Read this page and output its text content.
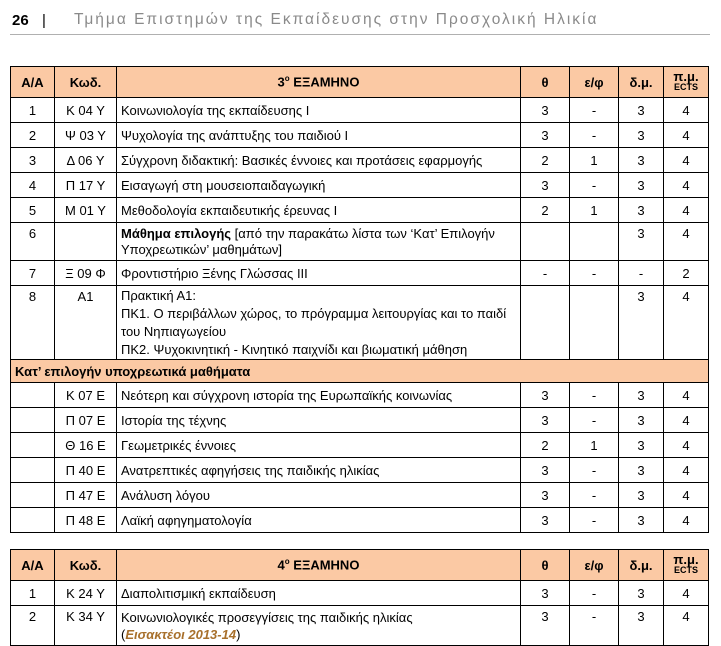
26 | Τμήμα Επιστημών της Εκπαίδευσης στην Προσχολική Ηλικία
Α/Α	Κωδ.	$3^o$ ΕΞΑΜΗΝΟ	θ	ε/φ	δ.μ.	π.μ.
ECTS

1	Κ 04 Υ	Κοινωνιολογία της εκπαίδευσης Ι	3	-	3	4
2	Ψ 03 Υ	Ψυχολογία της ανάπτυξης του παιδιού Ι	3	-	3	4
3	Δ 06 Υ	Σύγχρονη διδακτική: Βασικές έννοιες και προτάσεις εφαρμογής	2	1	3	4
4	Π 17 Υ	Εισαγωγή στη μουσειοπαιδαγωγική	3	-	3	4
5	Μ 01 Υ	Μεθοδολογία εκπαιδευτικής έρευνας Ι	2	1	3	4
6		Μάθημα επιλογής [από την παρακάτω λίστα των ‘Κατ’ Επιλογήν Υποχρεωτικών’ μαθημάτων]			3	4
7	Ξ 09 Φ	Φροντιστήριο Ξένης Γλώσσας ΙΙΙ	-	-	-	2
8	Α1	Πρακτική Α1:
ΠΚ1. Ο περιβάλλων χώρος, το πρόγραμμα λειτουργίας και το παιδί του Νηπιαγωγείου
ΠΚ2. Ψυχοκινητική - Κινητικό παιχνίδι και βιωματική μάθηση			3	4
Κατ’ επιλογήν υποχρεωτικά μαθήματα						
	Κ 07 Ε	Νεότερη και σύγχρονη ιστορία της Ευρωπαϊκής κοινωνίας	3	-	3	4
	Π 07 Ε	Ιστορία της τέχνης	3	-	3	4
	Θ 16 Ε	Γεωμετρικές έννοιες	2	1	3	4
	Π 40 Ε	Ανατρεπτικές αφηγήσεις της παιδικής ηλικίας	3	-	3	4
	Π 47 Ε	Ανάλυση λόγου	3	-	3	4
	Π 48 Ε	Λαϊκή αφηγηματολογία	3	-	3	4
Α/Α	Κωδ.	$4^o$ ΕΞΑΜΗΝΟ	θ	ε/φ	δ.μ.	π.μ.
ECTS

1	Κ 24 Υ	Διαπολιτισμική εκπαίδευση	3	-	3	4
2	Κ 34 Υ	Κοινωνιολογικές προσεγγίσεις της παιδικής ηλικίας
(Εισακτέοι 2013-14)	3	-	3	4
